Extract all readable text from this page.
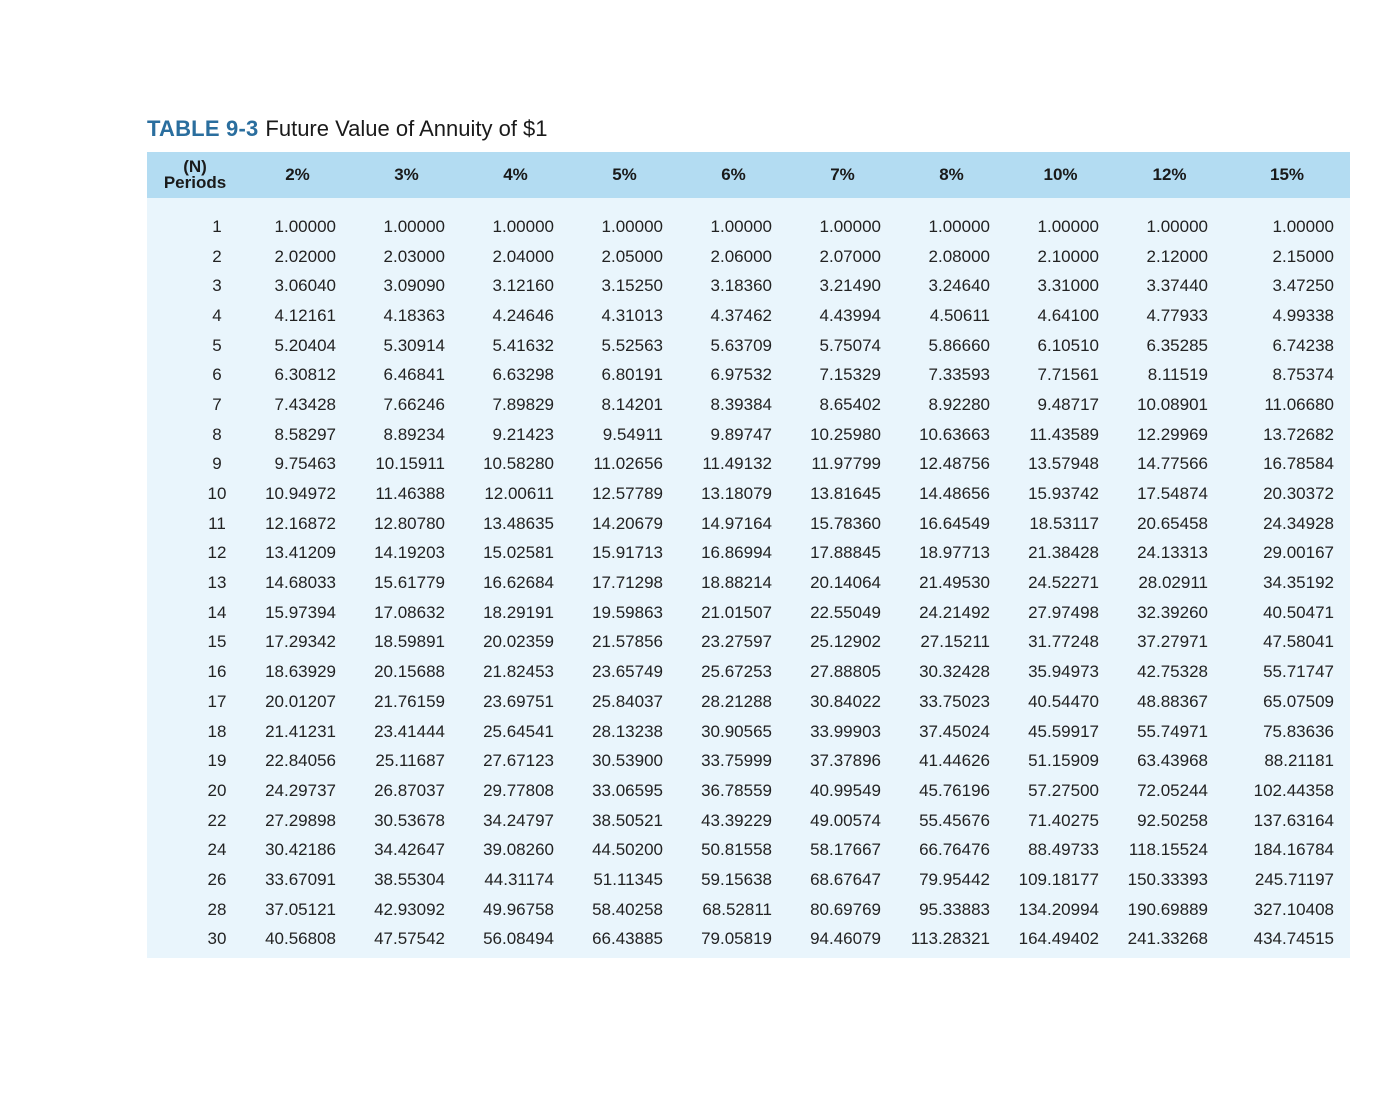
TABLE 9-3 Future Value of Annuity of $1
(N)
Periods	2%	3%	4%	5%	6%	7%	8%	10%	12%	15%

1	1.00000	1.00000	1.00000	1.00000	1.00000	1.00000	1.00000	1.00000	1.00000	1.00000
2	2.02000	2.03000	2.04000	2.05000	2.06000	2.07000	2.08000	2.10000	2.12000	2.15000
3	3.06040	3.09090	3.12160	3.15250	3.18360	3.21490	3.24640	3.31000	3.37440	3.47250
4	4.12161	4.18363	4.24646	4.31013	4.37462	4.43994	4.50611	4.64100	4.77933	4.99338
5	5.20404	5.30914	5.41632	5.52563	5.63709	5.75074	5.86660	6.10510	6.35285	6.74238
6	6.30812	6.46841	6.63298	6.80191	6.97532	7.15329	7.33593	7.71561	8.11519	8.75374
7	7.43428	7.66246	7.89829	8.14201	8.39384	8.65402	8.92280	9.48717	10.08901	11.06680
8	8.58297	8.89234	9.21423	9.54911	9.89747	10.25980	10.63663	11.43589	12.29969	13.72682
9	9.75463	10.15911	10.58280	11.02656	11.49132	11.97799	12.48756	13.57948	14.77566	16.78584
10	10.94972	11.46388	12.00611	12.57789	13.18079	13.81645	14.48656	15.93742	17.54874	20.30372
11	12.16872	12.80780	13.48635	14.20679	14.97164	15.78360	16.64549	18.53117	20.65458	24.34928
12	13.41209	14.19203	15.02581	15.91713	16.86994	17.88845	18.97713	21.38428	24.13313	29.00167
13	14.68033	15.61779	16.62684	17.71298	18.88214	20.14064	21.49530	24.52271	28.02911	34.35192
14	15.97394	17.08632	18.29191	19.59863	21.01507	22.55049	24.21492	27.97498	32.39260	40.50471
15	17.29342	18.59891	20.02359	21.57856	23.27597	25.12902	27.15211	31.77248	37.27971	47.58041
16	18.63929	20.15688	21.82453	23.65749	25.67253	27.88805	30.32428	35.94973	42.75328	55.71747
17	20.01207	21.76159	23.69751	25.84037	28.21288	30.84022	33.75023	40.54470	48.88367	65.07509
18	21.41231	23.41444	25.64541	28.13238	30.90565	33.99903	37.45024	45.59917	55.74971	75.83636
19	22.84056	25.11687	27.67123	30.53900	33.75999	37.37896	41.44626	51.15909	63.43968	88.21181
20	24.29737	26.87037	29.77808	33.06595	36.78559	40.99549	45.76196	57.27500	72.05244	102.44358
22	27.29898	30.53678	34.24797	38.50521	43.39229	49.00574	55.45676	71.40275	92.50258	137.63164
24	30.42186	34.42647	39.08260	44.50200	50.81558	58.17667	66.76476	88.49733	118.15524	184.16784
26	33.67091	38.55304	44.31174	51.11345	59.15638	68.67647	79.95442	109.18177	150.33393	245.71197
28	37.05121	42.93092	49.96758	58.40258	68.52811	80.69769	95.33883	134.20994	190.69889	327.10408
30	40.56808	47.57542	56.08494	66.43885	79.05819	94.46079	113.28321	164.49402	241.33268	434.74515
